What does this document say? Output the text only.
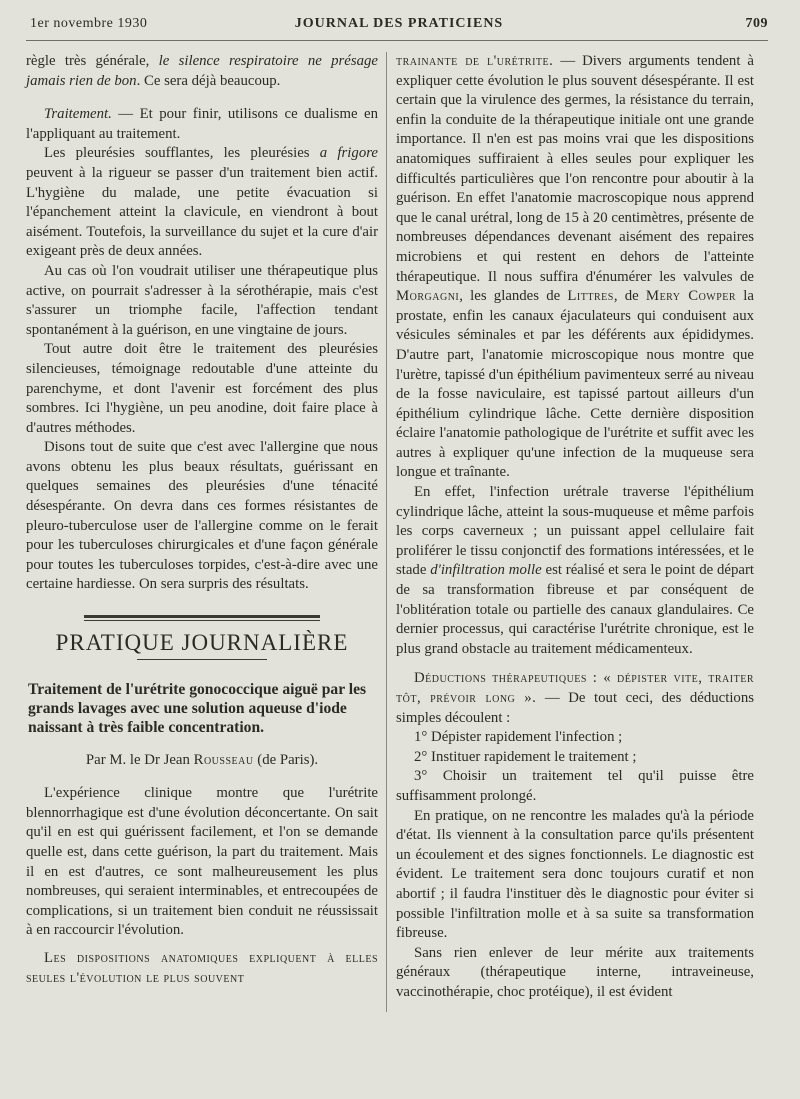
1er novembre 1930	JOURNAL DES PRATICIENS	709

règle très générale, le silence respiratoire ne présage jamais rien de bon. Ce sera déjà beaucoup.

Traitement. — Et pour finir, utilisons ce dualisme en l'appliquant au traitement.

Les pleurésies soufflantes, les pleurésies a frigore peuvent à la rigueur se passer d'un traitement bien actif. L'hygiène du malade, une petite évacuation si l'épanchement atteint la clavicule, en viendront à bout aisément. Toutefois, la surveillance du sujet et la cure d'air exigeant près de deux années.

Au cas où l'on voudrait utiliser une thérapeutique plus active, on pourrait s'adresser à la sérothérapie, mais c'est s'assurer un triomphe facile, l'affection tendant spontanément à la guérison, en une vingtaine de jours.

Tout autre doit être le traitement des pleurésies silencieuses, témoignage redoutable d'une atteinte du parenchyme, et dont l'avenir est forcément des plus sombres. Ici l'hygiène, un peu anodine, doit faire place à d'autres méthodes.

Disons tout de suite que c'est avec l'allergine que nous avons obtenu les plus beaux résultats, guérissant en quelques semaines des pleurésies d'une ténacité désespérante. On devra dans ces formes résistantes de pleuro-tuberculose user de l'allergine comme on le ferait pour les tuberculoses chirurgicales et d'une façon générale pour toutes les tuberculoses torpides, c'est-à-dire avec une certaine hardiesse. On sera surpris des résultats.

PRATIQUE JOURNALIÈRE
Traitement de l'urétrite gonococcique aiguë par les grands lavages avec une solution aqueuse d'iode naissant à très faible concentration.
Par M. le Dr Jean Rousseau (de Paris).

L'expérience clinique montre que l'urétrite blennorrhagique est d'une évolution déconcertante. On sait qu'il en est qui guérissent facilement, et l'on se demande quelle est, dans cette guérison, la part du traitement. Mais il en est d'autres, ce sont malheureusement les plus nombreuses, qui seraient interminables, et entrecoupées de complications, si un traitement bien conduit ne réussissait à en raccourcir l'évolution.

Les dispositions anatomiques expliquent à elles seules l'évolution le plus souvent

trainante de l'urétrite. — Divers arguments tendent à expliquer cette évolution le plus souvent désespérante. Il est certain que la virulence des germes, la résistance du terrain, enfin la conduite de la thérapeutique initiale ont une grande importance. Il n'en est pas moins vrai que les dispositions anatomiques suffiraient à elles seules pour expliquer les difficultés particulières que l'on rencontre pour aboutir à la guérison. En effet l'anatomie macroscopique nous apprend que le canal urétral, long de 15 à 20 centimètres, présente de nombreuses dépendances devenant aisément des repaires microbiens et qui restent en dehors de l'atteinte thérapeutique. Il nous suffira d'énumérer les valvules de Morgagni, les glandes de Littres, de Mery Cowper la prostate, enfin les canaux éjaculateurs qui conduisent aux vésicules séminales et par les déférents aux épididymes. D'autre part, l'anatomie microscopique nous montre que l'urètre, tapissé d'un épithélium pavimenteux serré au niveau de la fosse naviculaire, est tapissé partout ailleurs d'un épithélium cylindrique lâche. Cette dernière disposition éclaire l'anatomie pathologique de l'urétrite et suffit avec les autres à expliquer qu'une infection de la muqueuse sera longue et traînante.

En effet, l'infection urétrale traverse l'épithélium cylindrique lâche, atteint la sous-muqueuse et même parfois les corps caverneux ; un puissant appel cellulaire fait proliférer le tissu conjonctif des formations intéressées, et le stade d'infiltration molle est réalisé et sera le point de départ de sa transformation fibreuse et par conséquent de l'oblitération totale ou partielle des canaux glandulaires. Ce dernier processus, qui caractérise l'urétrite chronique, est le plus grand obstacle au traitement médicamenteux.

Déductions thérapeutiques : « dépister vite, traiter tôt, prévoir long ». — De tout ceci, des déductions simples découlent :

1° Dépister rapidement l'infection ;

2° Instituer rapidement le traitement ;

3° Choisir un traitement tel qu'il puisse être suffisamment prolongé.

En pratique, on ne rencontre les malades qu'à la période d'état. Ils viennent à la consultation parce qu'ils présentent un écoulement et des signes fonctionnels. Le diagnostic est évident. Le traitement sera donc toujours curatif et non abortif ; il faudra l'instituer dès le diagnostic pour éviter si possible l'infiltration molle et à sa suite sa transformation fibreuse.

Sans rien enlever de leur mérite aux traitements généraux (thérapeutique interne, intraveineuse, vaccinothérapie, choc protéique), il est évident
